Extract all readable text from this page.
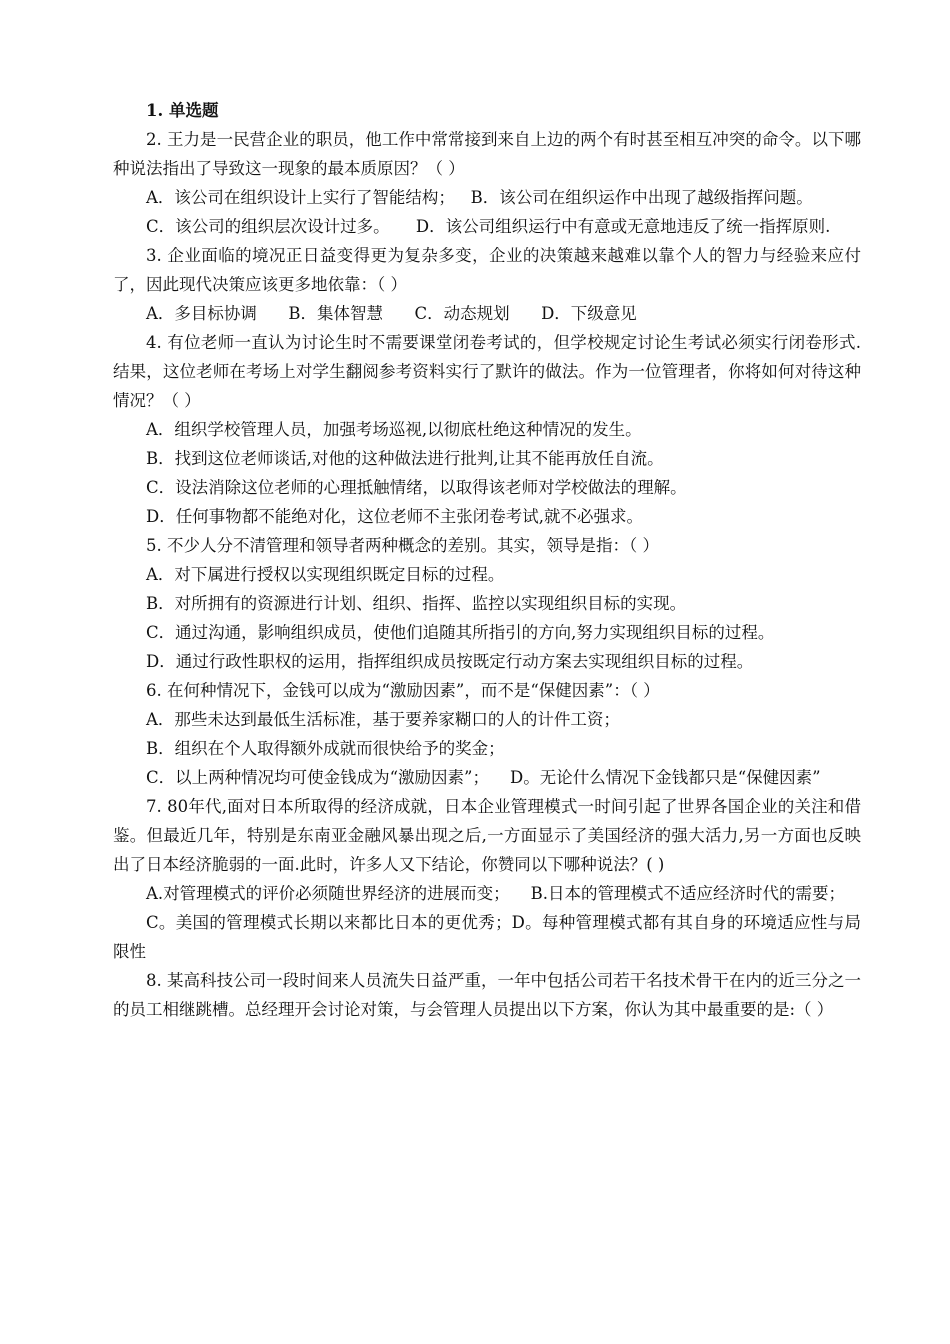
1. 单选题

2. 王力是一民营企业的职员，他工作中常常接到来自上边的两个有时甚至相互冲突的命令。以下哪种说法指出了导致这一现象的最本质原因？（ ）

A．该公司在组织设计上实行了智能结构；   B．该公司在组织运作中出现了越级指挥问题。

C．该公司的组织层次设计过多。     D．该公司组织运行中有意或无意地违反了统一指挥原则.

3. 企业面临的境况正日益变得更为复杂多变，企业的决策越来越难以靠个人的智力与经验来应付了，因此现代决策应该更多地依靠：（ ）

A．多目标协调      B．集体智慧      C．动态规划      D．下级意见

4. 有位老师一直认为讨论生时不需要课堂闭卷考试的，但学校规定讨论生考试必须实行闭卷形式.结果，这位老师在考场上对学生翻阅参考资料实行了默许的做法。作为一位管理者，你将如何对待这种情况？（ ）

A．组织学校管理人员，加强考场巡视,以彻底杜绝这种情况的发生。

B．找到这位老师谈话,对他的这种做法进行批判,让其不能再放任自流。

C．设法消除这位老师的心理抵触情绪，以取得该老师对学校做法的理解。

D．任何事物都不能绝对化，这位老师不主张闭卷考试,就不必强求。

5. 不少人分不清管理和领导者两种概念的差别。其实，领导是指：（ ）

A．对下属进行授权以实现组织既定目标的过程。

B．对所拥有的资源进行计划、组织、指挥、监控以实现组织目标的实现。

C．通过沟通，影响组织成员，使他们追随其所指引的方向,努力实现组织目标的过程。

D．通过行政性职权的运用，指挥组织成员按既定行动方案去实现组织目标的过程。

6. 在何种情况下，金钱可以成为“激励因素”，而不是“保健因素”：（ ）

A．那些未达到最低生活标准，基于要养家糊口的人的计件工资；

B．组织在个人取得额外成就而很快给予的奖金；

C．以上两种情况均可使金钱成为“激励因素”；    D。无论什么情况下金钱都只是“保健因素”

7. 80年代,面对日本所取得的经济成就，日本企业管理模式一时间引起了世界各国企业的关注和借鉴。但最近几年，特别是东南亚金融风暴出现之后,一方面显示了美国经济的强大活力,另一方面也反映出了日本经济脆弱的一面.此时，许多人又下结论，你赞同以下哪种说法？( )

A.对管理模式的评价必须随世界经济的进展而变；    B.日本的管理模式不适应经济时代的需要；

C。美国的管理模式长期以来都比日本的更优秀；D。每种管理模式都有其自身的环境适应性与局限性

8. 某高科技公司一段时间来人员流失日益严重，一年中包括公司若干名技术骨干在内的近三分之一的员工相继跳槽。总经理开会讨论对策，与会管理人员提出以下方案，你认为其中最重要的是:（ ）
